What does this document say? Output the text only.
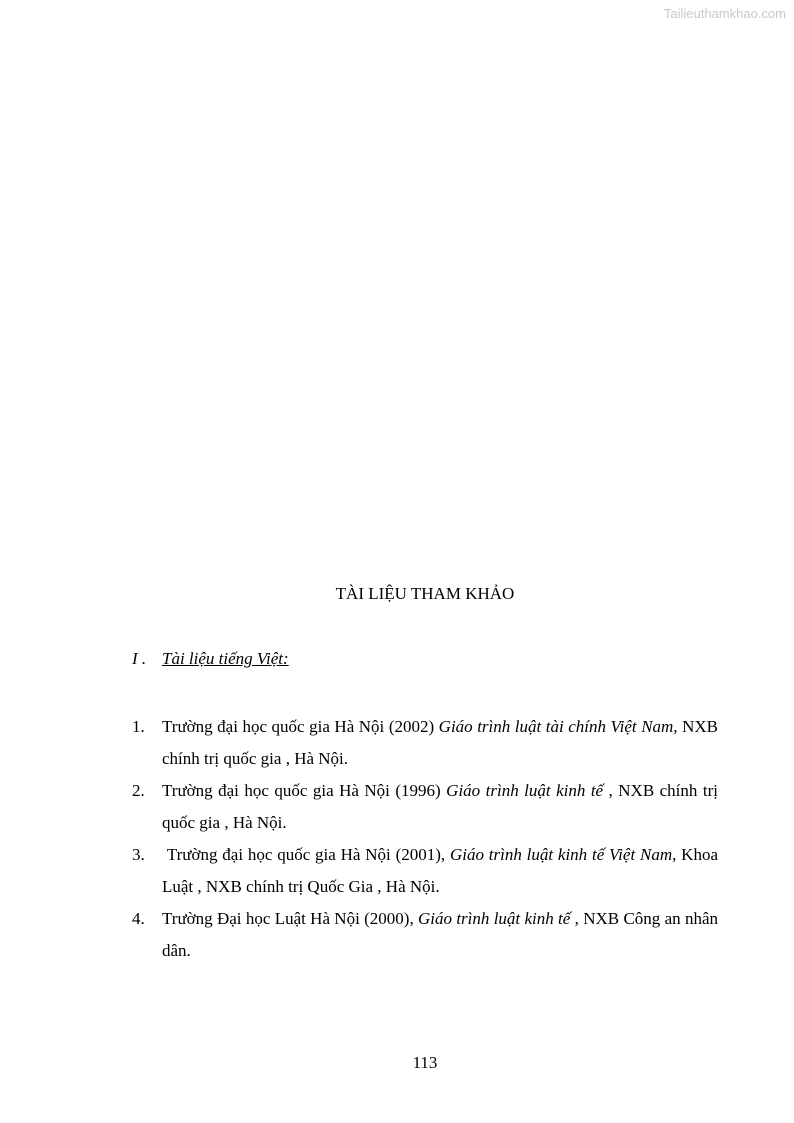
Tailieuthamkhao.com
TÀI LIỆU THAM KHẢO
I . Tài liệu tiếng Việt:
1. Trường đại học quốc gia Hà Nội (2002) Giáo trình luật tài chính Việt Nam, NXB chính trị quốc gia , Hà Nội.
2. Trường đại học quốc gia Hà Nội (1996) Giáo trình luật kinh tế , NXB chính trị quốc gia , Hà Nội.
3. Trường đại học quốc gia Hà Nội (2001), Giáo trình luật kinh tế Việt Nam, Khoa Luật , NXB chính trị Quốc Gia , Hà Nội.
4. Trường Đại học Luật Hà Nội (2000), Giáo trình luật kinh tế , NXB Công an nhân dân.
113
